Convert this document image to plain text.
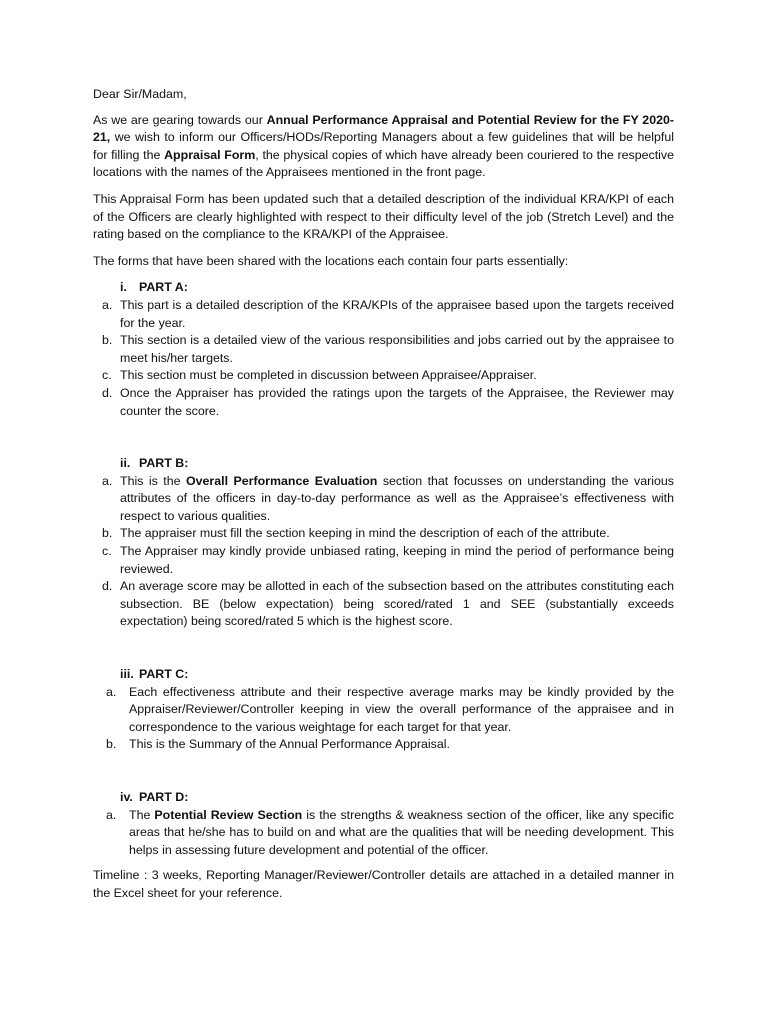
Dear Sir/Madam,

As we are gearing towards our Annual Performance Appraisal and Potential Review for the FY 2020-21, we wish to inform our Officers/HODs/Reporting Managers about a few guidelines that will be helpful for filling the Appraisal Form, the physical copies of which have already been couriered to the respective locations with the names of the Appraisees mentioned in the front page.

This Appraisal Form has been updated such that a detailed description of the individual KRA/KPI of each of the Officers are clearly highlighted with respect to their difficulty level of the job (Stretch Level) and the rating based on the compliance to the KRA/KPI of the Appraisee.

The forms that have been shared with the locations each contain four parts essentially:

i. PART A:

a. This part is a detailed description of the KRA/KPIs of the appraisee based upon the targets received for the year.
b. This section is a detailed view of the various responsibilities and jobs carried out by the appraisee to meet his/her targets.
c. This section must be completed in discussion between Appraisee/Appraiser.
d. Once the Appraiser has provided the ratings upon the targets of the Appraisee, the Reviewer may counter the score.

ii. PART B:

a. This is the Overall Performance Evaluation section that focusses on understanding the various attributes of the officers in day-to-day performance as well as the Appraisee’s effectiveness with respect to various qualities.
b. The appraiser must fill the section keeping in mind the description of each of the attribute.
c. The Appraiser may kindly provide unbiased rating, keeping in mind the period of performance being reviewed.
d. An average score may be allotted in each of the subsection based on the attributes constituting each subsection. BE (below expectation) being scored/rated 1 and SEE (substantially exceeds expectation) being scored/rated 5 which is the highest score.

iii. PART C:

a. Each effectiveness attribute and their respective average marks may be kindly provided by the Appraiser/Reviewer/Controller keeping in view the overall performance of the appraisee and in correspondence to the various weightage for each target for that year.
b. This is the Summary of the Annual Performance Appraisal.

iv. PART D:

a. The Potential Review Section is the strengths & weakness section of the officer, like any specific areas that he/she has to build on and what are the qualities that will be needing development. This helps in assessing future development and potential of the officer.

Timeline : 3 weeks, Reporting Manager/Reviewer/Controller details are attached in a detailed manner in the Excel sheet for your reference.
